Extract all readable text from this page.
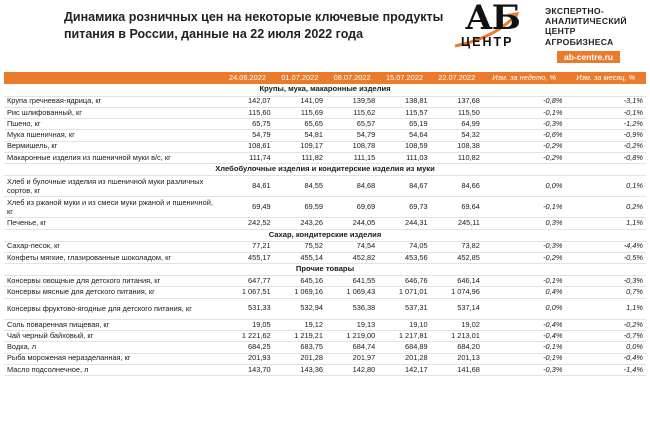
Динамика розничных цен на некоторые ключевые продукты питания в России, данные на 22 июля 2022 года	АБ
ЦЕНТР
ЭКСПЕРТНО-
АНАЛИТИЧЕСКИЙ
ЦЕНТР
АГРОБИЗНЕСА
ab-centre.ru
	24.06.2022	01.07.2022	08.07.2022	15.07.2022	22.07.2022	Изм. за неделю, %	Изм. за месяц, %
Крупы, мука, макаронные изделия							
Крупа гречневая-ядрица, кг	142,07	141,09	139,58	138,81	137,68	-0,8%	-3,1%
Рис шлифованный, кг	115,60	115,69	115,62	115,57	115,50	-0,1%	-0,1%
Пшено, кг	65,75	65,65	65,57	65,19	64,99	-0,3%	-1,2%
Мука пшеничная, кг	54,79	54,81	54,79	54,64	54,32	-0,6%	-0,9%
Вермишель, кг	108,61	109,17	108,78	108,59	108,38	-0,2%	-0,2%
Макаронные изделия из пшеничной муки в/с, кг	111,74	111,82	111,15	111,03	110,82	-0,2%	-0,8%
Хлебобулочные изделия и кондитерские изделия из муки							
Хлеб и булочные изделия из пшеничной муки различных сортов, кг	84,61	84,55	84,68	84,67	84,66	0,0%	0,1%
Хлеб из ржаной муки и из смеси муки ржаной и пшеничной, кг	69,49	69,59	69,69	69,73	69,64	-0,1%	0,2%
Печенье, кг	242,52	243,26	244,05	244,31	245,11	0,3%	1,1%
Сахар, кондитерские изделия							
Сахар-песок, кг	77,21	75,52	74,54	74,05	73,82	-0,3%	-4,4%
Конфеты мягкие, глазированные шоколадом, кг	455,17	455,14	452,82	453,56	452,85	-0,2%	-0,5%
Прочие товары							
Консервы овощные для детского питания, кг	647,77	645,16	641,55	646,76	646,14	-0,1%	-0,3%
Консервы мясные для детского питания, кг	1 067,51	1 069,16	1 069,43	1 071,01	1 074,96	0,4%	0,7%
Консервы фруктово-ягодные для детского питания, кг	531,33	532,94	536,38	537,31	537,14	0,0%	1,1%
Соль поваренная пищевая, кг	19,05	19,12	19,13	19,10	19,02	-0,4%	-0,2%
Чай черный байховый, кг	1 221,62	1 219,21	1 219,00	1 217,81	1 213,01	-0,4%	-0,7%
Водка, л	684,25	683,75	684,74	684,89	684,20	-0,1%	0,0%
Рыба мороженая неразделанная, кг	201,93	201,28	201,97	201,28	201,13	-0,1%	-0,4%
Масло подсолнечное, л	143,70	143,36	142,80	142,17	141,68	-0,3%	-1,4%
